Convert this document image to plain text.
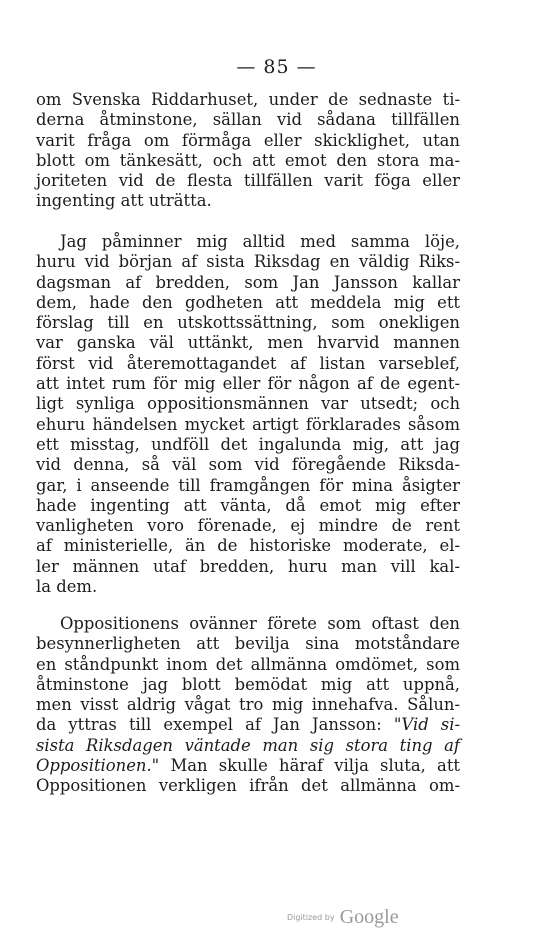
— 85 —
om Svenska Riddarhuset, under de sednaste ti-
derna åtminstone, sällan vid sådana tillfällen
varit fråga om förmåga eller skicklighet, utan
blott om tänkesätt, och att emot den stora ma-
joriteten vid de flesta tillfällen varit föga eller
ingenting att uträtta.
Jag påminner mig alltid med samma löje,
huru vid början af sista Riksdag en väldig Riks-
dagsman af bredden, som Jan Jansson kallar
dem, hade den godheten att meddela mig ett
förslag till en utskottssättning, som onekligen
var ganska väl uttänkt, men hvarvid mannen
först vid återemottagandet af listan varseblef,
att intet rum för mig eller för någon af de egent-
ligt synliga oppositionsmännen var utsedt; och
ehuru händelsen mycket artigt förklarades såsom
ett misstag, undföll det ingalunda mig, att jag
vid denna, så väl som vid föregående Riksda-
gar, i anseende till framgången för mina åsigter
hade ingenting att vänta, då emot mig efter
vanligheten voro förenade, ej mindre de rent
af ministerielle, än de historiske moderate, el-
ler männen utaf bredden, huru man vill kal-
la dem.
Oppositionens ovänner förete som oftast den
besynnerligheten att bevilja sina motståndare
en ståndpunkt inom det allmänna omdömet, som
åtminstone jag blott bemödat mig att uppnå,
men visst aldrig vågat tro mig innehafva. Sålun-
da yttras till exempel af Jan Jansson: "Vid si-
sista Riksdagen väntade man sig stora ting af
Oppositionen." Man skulle häraf vilja sluta, att
Oppositionen verkligen ifrån det allmänna om-
Digitized by Google
